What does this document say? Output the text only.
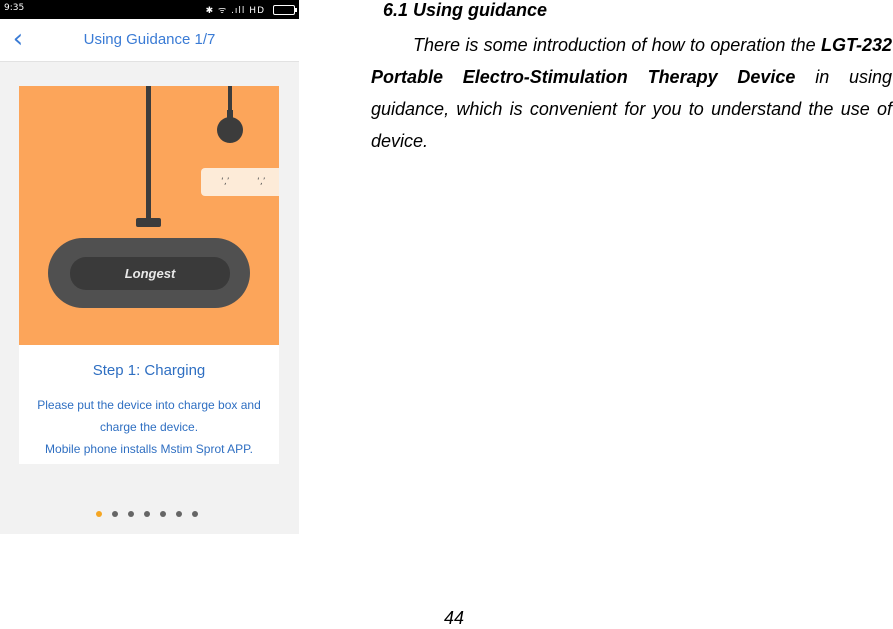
9:35	✱ ᯤ .ıll HD
‹	Using Guidance 1/7
ʻ,ʼ	ʻ,ʼ
Longest
Step 1: Charging
Please put the device into charge box and
charge the device.
Mobile phone installs Mstim Sprot APP.
6.1 Using guidance
There is some introduction of how to operation the LGT-232 Portable Electro-Stimulation Therapy Device in using guidance, which is convenient for you to understand the use of device.
44
